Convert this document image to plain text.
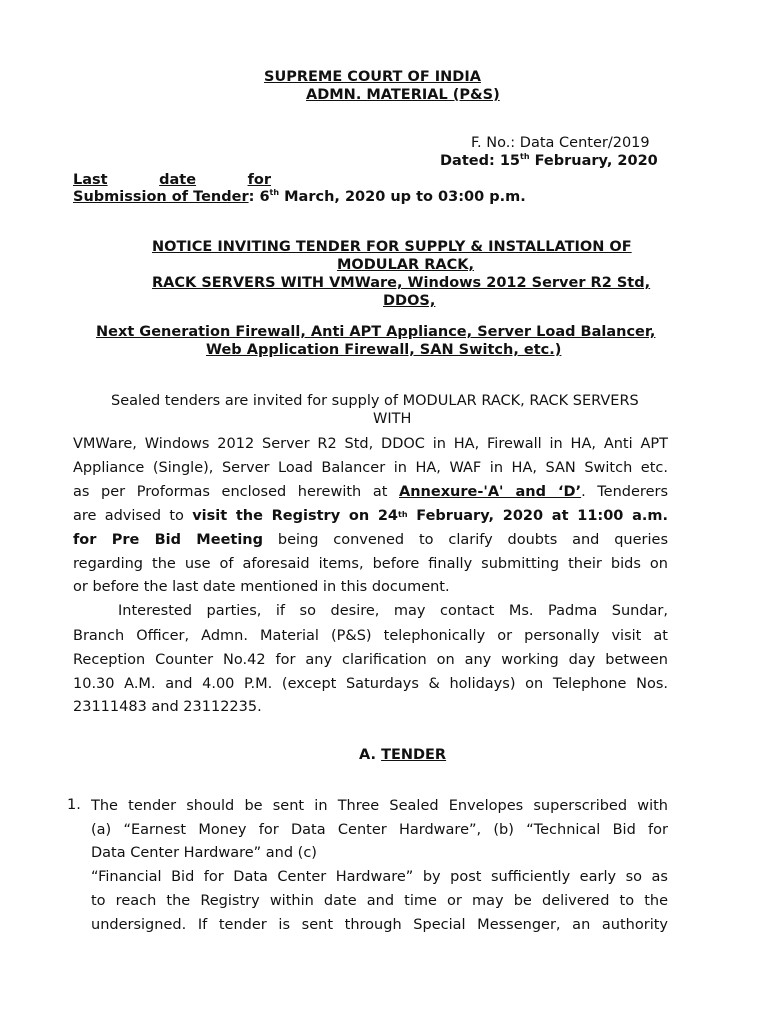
SUPREME COURT OF INDIA
ADMN. MATERIAL (P&S)
F. No.: Data Center/2019
Dated: 15th February, 2020
Last	date	for
Submission of Tender: 6th March, 2020 up to 03:00 p.m.
NOTICE INVITING TENDER FOR SUPPLY & INSTALLATION OF
MODULAR RACK,
RACK SERVERS WITH VMWare, Windows 2012 Server R2 Std,
DDOS,
Next Generation Firewall, Anti APT Appliance, Server Load Balancer,
Web Application Firewall, SAN Switch, etc.)
Sealed tenders are invited for supply of MODULAR RACK, RACK SERVERS
WITH
VMWare, Windows 2012 Server R2 Std, DDOC in HA, Firewall in HA, Anti APT
Appliance (Single), Server Load Balancer in HA, WAF in HA, SAN Switch etc.
as per Proformas enclosed herewith at Annexure-'A' and ‘D’. Tenderers
are advised to visit the Registry on 24th February, 2020 at 11:00 a.m.
for Pre Bid Meeting being convened to clarify doubts and queries
regarding the use of aforesaid items, before finally submitting their bids on
or before the last date mentioned in this document.
Interested parties, if so desire, may contact Ms. Padma Sundar,
Branch Officer, Admn. Material (P&S) telephonically or personally visit at
Reception Counter No.42 for any clarification on any working day between
10.30 A.M. and 4.00 P.M. (except Saturdays & holidays) on Telephone Nos.
23111483 and 23112235.
A. TENDER
1. The tender should be sent in Three Sealed Envelopes superscribed with
(a) “Earnest Money for Data Center Hardware”, (b) “Technical Bid for
Data Center Hardware” and (c)
“Financial Bid for Data Center Hardware” by post sufficiently early so as
to reach the Registry within date and time or may be delivered to the
undersigned. If tender is sent through Special Messenger, an authority
